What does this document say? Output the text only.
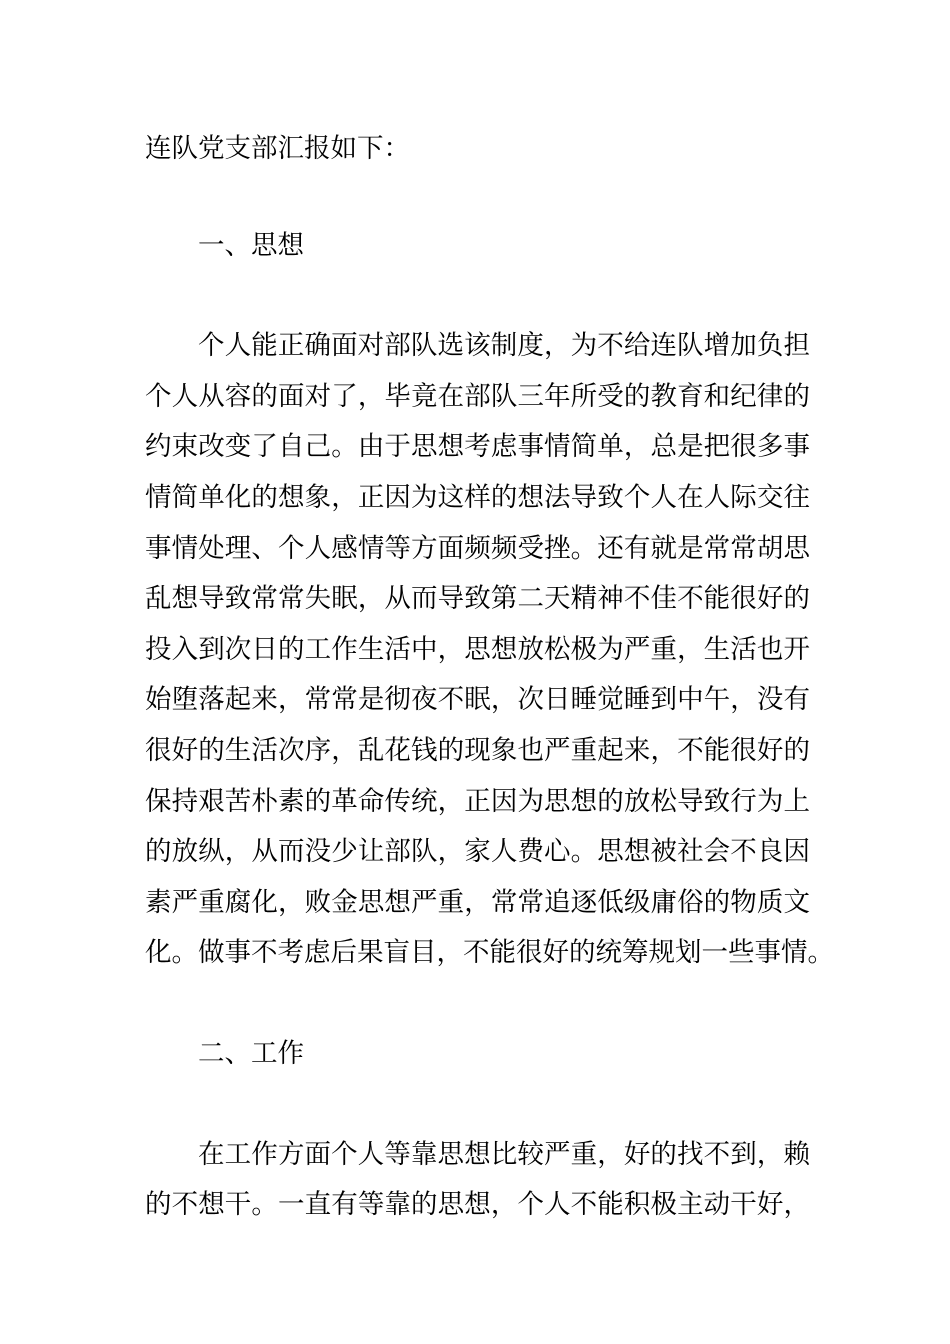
连队党支部汇报如下：
一、思想
个人能正确面对部队选该制度，为不给连队增加负担
个人从容的面对了，毕竟在部队三年所受的教育和纪律的
约束改变了自己。由于思想考虑事情简单，总是把很多事
情简单化的想象，正因为这样的想法导致个人在人际交往
事情处理、个人感情等方面频频受挫。还有就是常常胡思
乱想导致常常失眠，从而导致第二天精神不佳不能很好的
投入到次日的工作生活中，思想放松极为严重，生活也开
始堕落起来，常常是彻夜不眠，次日睡觉睡到中午，没有
很好的生活次序，乱花钱的现象也严重起来，不能很好的
保持艰苦朴素的革命传统，正因为思想的放松导致行为上
的放纵，从而没少让部队，家人费心。思想被社会不良因
素严重腐化，败金思想严重，常常追逐低级庸俗的物质文
化。做事不考虑后果盲目，不能很好的统筹规划一些事情。
二、工作
在工作方面个人等靠思想比较严重，好的找不到，赖
的不想干。一直有等靠的思想，个人不能积极主动干好，
